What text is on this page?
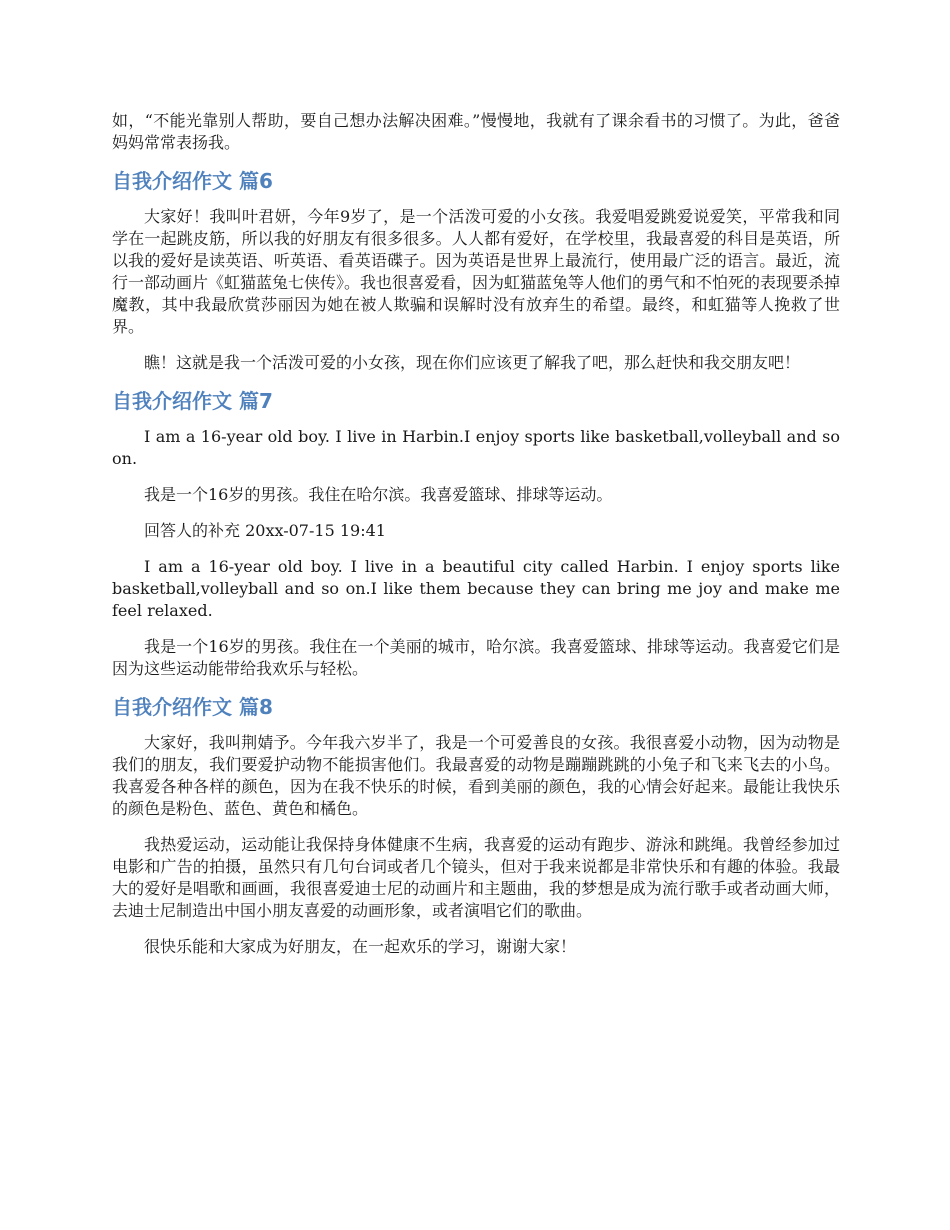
如，“不能光靠别人帮助，要自己想办法解决困难。”慢慢地，我就有了课余看书的习惯了。为此，爸爸妈妈常常表扬我。

自我介绍作文 篇6

大家好！我叫叶君妍，今年9岁了，是一个活泼可爱的小女孩。我爱唱爱跳爱说爱笑，平常我和同学在一起跳皮筋，所以我的好朋友有很多很多。人人都有爱好，在学校里，我最喜爱的科目是英语，所以我的爱好是读英语、听英语、看英语碟子。因为英语是世界上最流行，使用最广泛的语言。最近，流行一部动画片《虹猫蓝兔七侠传》。我也很喜爱看，因为虹猫蓝兔等人他们的勇气和不怕死的表现要杀掉魔教，其中我最欣赏莎丽因为她在被人欺骗和误解时没有放弃生的希望。最终，和虹猫等人挽救了世界。

瞧！这就是我一个活泼可爱的小女孩，现在你们应该更了解我了吧，那么赶快和我交朋友吧！

自我介绍作文 篇7

I am a 16-year old boy. I live in Harbin.I enjoy sports like basketball,volleyball and so on.

我是一个16岁的男孩。我住在哈尔滨。我喜爱篮球、排球等运动。

回答人的补充 20xx-07-15 19:41

I am a 16-year old boy. I live in a beautiful city called Harbin. I enjoy sports like basketball,volleyball and so on.I like them because they can bring me joy and make me feel relaxed.

我是一个16岁的男孩。我住在一个美丽的城市，哈尔滨。我喜爱篮球、排球等运动。我喜爱它们是因为这些运动能带给我欢乐与轻松。

自我介绍作文 篇8

大家好，我叫荆婧予。今年我六岁半了，我是一个可爱善良的女孩。我很喜爱小动物，因为动物是我们的朋友，我们要爱护动物不能损害他们。我最喜爱的动物是蹦蹦跳跳的小兔子和飞来飞去的小鸟。我喜爱各种各样的颜色，因为在我不快乐的时候，看到美丽的颜色，我的心情会好起来。最能让我快乐的颜色是粉色、蓝色、黄色和橘色。

我热爱运动，运动能让我保持身体健康不生病，我喜爱的运动有跑步、游泳和跳绳。我曾经参加过电影和广告的拍摄，虽然只有几句台词或者几个镜头，但对于我来说都是非常快乐和有趣的体验。我最大的爱好是唱歌和画画，我很喜爱迪士尼的动画片和主题曲，我的梦想是成为流行歌手或者动画大师，去迪士尼制造出中国小朋友喜爱的动画形象，或者演唱它们的歌曲。

很快乐能和大家成为好朋友，在一起欢乐的学习，谢谢大家！
